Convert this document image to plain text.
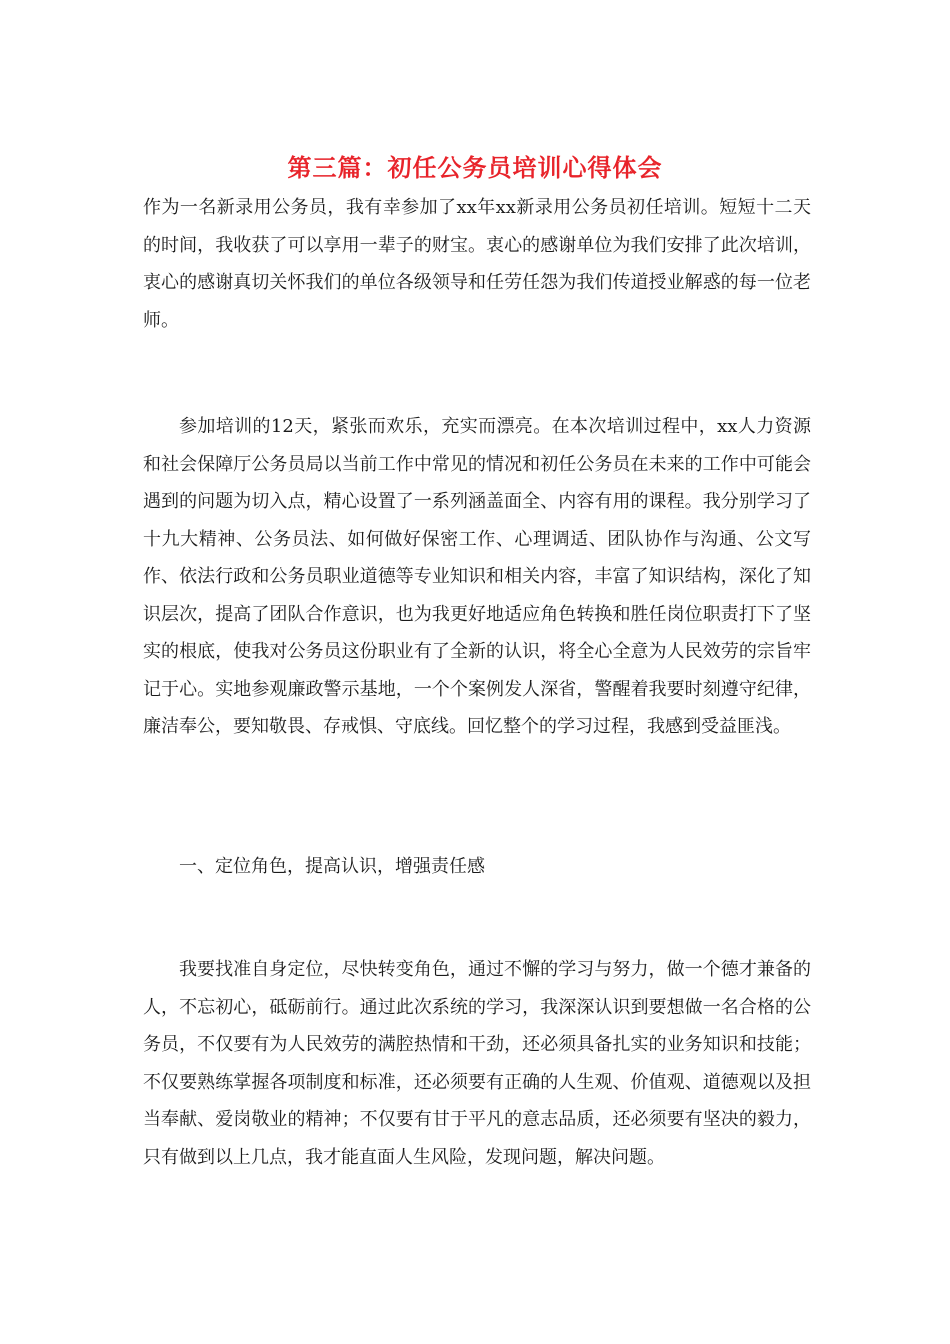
第三篇：初任公务员培训心得体会

作为一名新录用公务员，我有幸参加了xx年xx新录用公务员初任培训。短短十二天的时间，我收获了可以享用一辈子的财宝。衷心的感谢单位为我们安排了此次培训，衷心的感谢真切关怀我们的单位各级领导和任劳任怨为我们传道授业解惑的每一位老师。

参加培训的12天，紧张而欢乐，充实而漂亮。在本次培训过程中，xx人力资源和社会保障厅公务员局以当前工作中常见的情况和初任公务员在未来的工作中可能会遇到的问题为切入点，精心设置了一系列涵盖面全、内容有用的课程。我分别学习了十九大精神、公务员法、如何做好保密工作、心理调适、团队协作与沟通、公文写作、依法行政和公务员职业道德等专业知识和相关内容，丰富了知识结构，深化了知识层次，提高了团队合作意识，也为我更好地适应角色转换和胜任岗位职责打下了坚实的根底，使我对公务员这份职业有了全新的认识，将全心全意为人民效劳的宗旨牢记于心。实地参观廉政警示基地，一个个案例发人深省，警醒着我要时刻遵守纪律，廉洁奉公，要知敬畏、存戒惧、守底线。回忆整个的学习过程，我感到受益匪浅。

一、定位角色，提高认识，增强责任感

我要找准自身定位，尽快转变角色，通过不懈的学习与努力，做一个德才兼备的人，不忘初心，砥砺前行。通过此次系统的学习，我深深认识到要想做一名合格的公务员，不仅要有为人民效劳的满腔热情和干劲，还必须具备扎实的业务知识和技能；不仅要熟练掌握各项制度和标准，还必须要有正确的人生观、价值观、道德观以及担当奉献、爱岗敬业的精神；不仅要有甘于平凡的意志品质，还必须要有坚决的毅力，只有做到以上几点，我才能直面人生风险，发现问题，解决问题。
